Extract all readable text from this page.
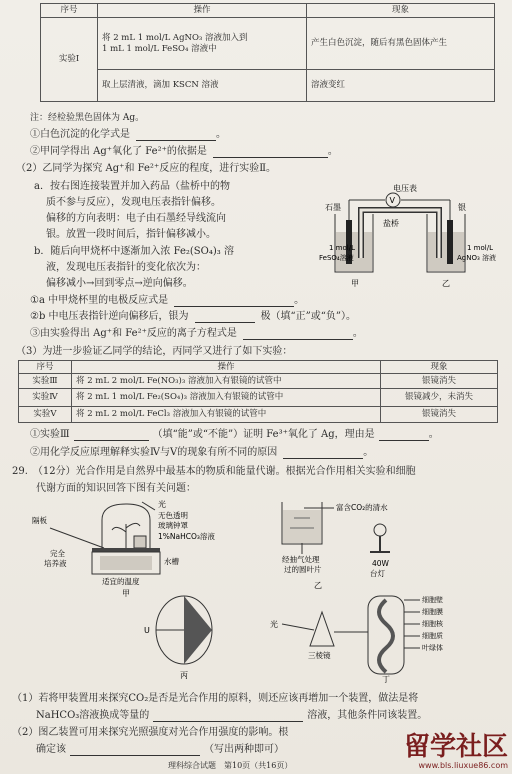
序号	操作	现象
实验Ⅰ	将 2 mL 1 mol/L AgNO₃ 溶液加入到
1 mL 1 mol/L FeSO₄ 溶液中	产生白色沉淀，随后有黑色固体产生
	取上层清液，滴加 KSCN 溶液	溶液变红
注：经检验黑色固体为 Ag。
①白色沉淀的化学式是	。
②甲同学得出 Ag⁺氧化了 Fe²⁺的依据是	。
（2）乙同学为探究 Ag⁺和 Fe²⁺反应的程度，进行实验Ⅱ。
a．按右图连接装置并加入药品（盐桥中的物
质不参与反应），发现电压表指针偏移。
偏移的方向表明：电子由石墨经导线流向
银。放置一段时间后，指针偏移减小。
b．随后向甲烧杯中逐渐加入浓 Fe₂(SO₄)₃ 溶
液，发现电压表指针的变化依次为：
偏移减小→回到零点→逆向偏移。
电压表
V
石墨	银
盐桥
1 mol/L
FeSO₄溶液
1 mol/L
AgNO₃ 溶液
甲	乙
①a 中甲烧杯里的电极反应式是	。
②b 中电压表指针逆向偏移后，银为	极（填“正”或“负”）。
③由实验得出 Ag⁺和 Fe²⁺反应的离子方程式是	。
（3）为进一步验证乙同学的结论，丙同学又进行了如下实验：
序号	操作	现象
实验Ⅲ	将 2 mL 2 mol/L Fe(NO₃)₃ 溶液加入有银镜的试管中	银镜消失
实验Ⅳ	将 2 mL 1 mol/L Fe₂(SO₄)₃ 溶液加入有银镜的试管中	银镜减少，未消失
实验Ⅴ	将 2 mL 2 mol/L FeCl₃ 溶液加入有银镜的试管中	银镜消失
①实验Ⅲ	（填“能”或“不能”）证明 Fe³⁺氧化了 Ag，理由是	。
②用化学反应原理解释实验Ⅳ与Ⅴ的现象有所不同的原因	。
29.　（12分）光合作用是自然界中最基本的物质和能量代谢。根据光合作用相关实验和细胞
代谢方面的知识回答下图有关问题：
光
无色透明
玻璃钟罩
1%NaHCO₃溶液
隔板
完全
培养液	水槽
适宜的温度
甲
富含CO₂的清水
经抽气处理
过的圆叶片
40W
台灯
乙
U
丙
光
三棱镜
细胞壁
细胞膜
细胞核
细胞质
叶绿体
丁
（1）若将甲装置用来探究CO₂是否是光合作用的原料，则还应该再增加一个装置，做法是将
NaHCO₃溶液换成等量的	溶液，其他条件同该装置。
（2）图乙装置可用来探究光照强度对光合作用强度的影响。根
确定该	（写出两种即可）
理科综合试题　第10页（共16页）
留学社区
www.bls.liuxue86.com
